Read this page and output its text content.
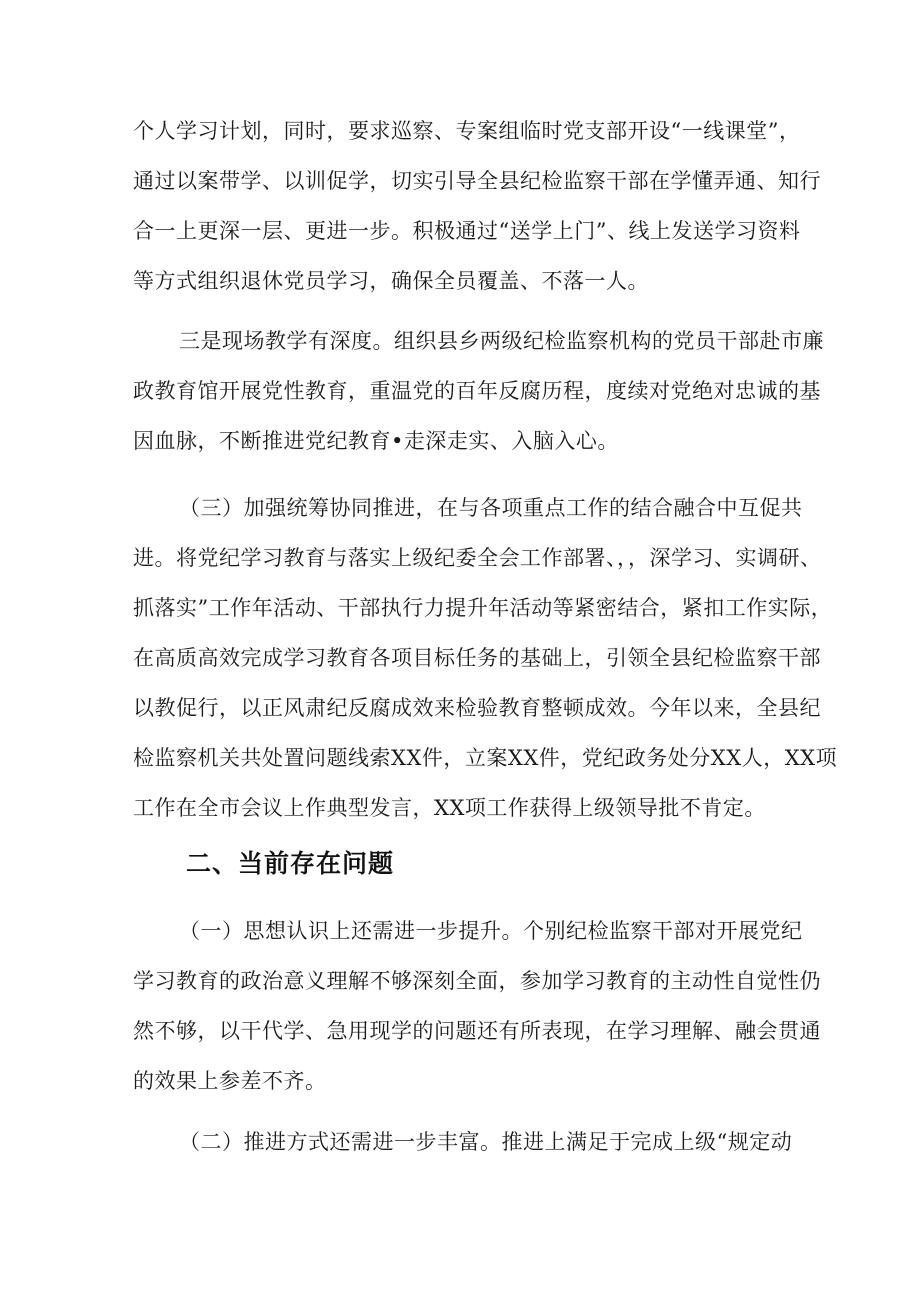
个人学习计划，同时，要求巡察、专案组临时党支部开设“一线课堂”，
通过以案带学、以训促学，切实引导全县纪检监察干部在学懂弄通、知行
合一上更深一层、更进一步。积极通过“送学上门”、线上发送学习资料
等方式组织退休党员学习，确保全员覆盖、不落一人。
三是现场教学有深度。组织县乡两级纪检监察机构的党员干部赴市廉
政教育馆开展党性教育，重温党的百年反腐历程，度续对党绝对忠诚的基
因血脉，不断推进党纪教育•走深走实、入脑入心。
（三）加强统筹协同推进，在与各项重点工作的结合融合中互促共
进。将党纪学习教育与落实上级纪委全会工作部署、，，深学习、实调研、
抓落实”工作年活动、干部执行力提升年活动等紧密结合，紧扣工作实际，
在高质高效完成学习教育各项目标任务的基础上，引领全县纪检监察干部
以教促行，以正风肃纪反腐成效来检验教育整顿成效。今年以来，全县纪
检监察机关共处置问题线索XX件，立案XX件，党纪政务处分XX人，XX项
工作在全市会议上作典型发言，XX项工作获得上级领导批不肯定。
二、当前存在问题
（一）思想认识上还需进一步提升。个别纪检监察干部对开展党纪
学习教育的政治意义理解不够深刻全面，参加学习教育的主动性自觉性仍
然不够，以干代学、急用现学的问题还有所表现，在学习理解、融会贯通
的效果上参差不齐。
（二）推进方式还需进一步丰富。推进上满足于完成上级“规定动
